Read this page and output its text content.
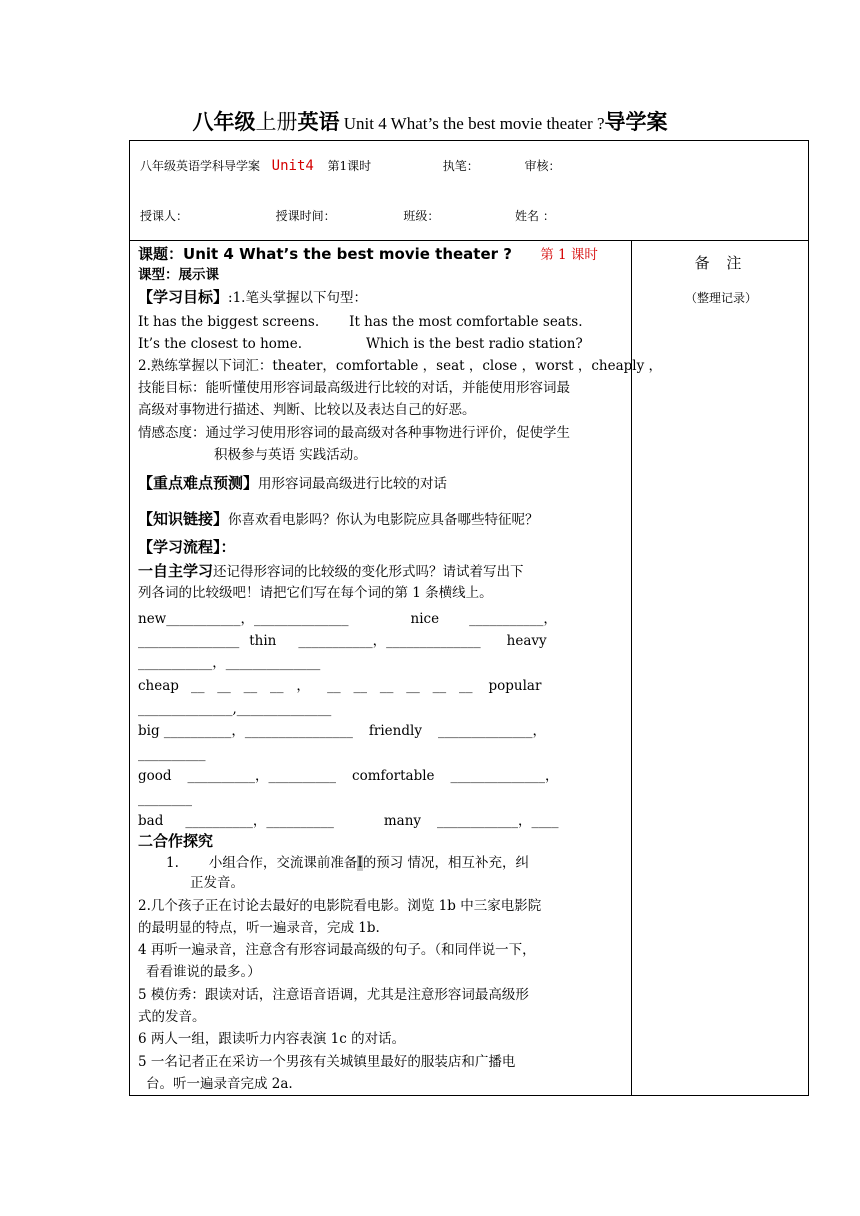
八年级上册英语 Unit 4 What’s the best movie theater ?导学案
八年级英语学科导学案 Unit4 第1课时	执笔：	审核：
授课人：	授课时间：	班级：	姓名 ：
备 注
（整理记录）
课题：Unit 4 What’s the best movie theater ? 第 1 课时
课型：展示课
【学习目标】:1.笔头掌握以下句型：
It has the biggest screens. It has the most comfortable seats.
It’s the closest to home.	Which is the best radio station?
2.熟练掌握以下词汇：theater，comfortable ，seat ，close ，worst ，cheaply ，
技能目标：能听懂使用形容词最高级进行比较的对话，并能使用形容词最
高级对事物进行描述、判断、比较以及表达自己的好恶。
情感态度：通过学习使用形容词的最高级对各种事物进行评价，促使学生
积极参与英语 实践活动。
【重点难点预测】用形容词最高级进行比较的对话
【知识链接】你喜欢看电影吗？你认为电影院应具备哪些特征呢？
【学习流程】：
一自主学习还记得形容词的比较级的变化形式吗？请试着写出下
列各词的比较级吧！请把它们写在每个词的第 1 条横线上。
new___________，______________	nice ___________，
_______________ thin ___________，______________ heavy
___________，______________
cheap __   __   __   __   ，    __   __   __   __   __   __ popular
______________,______________
big __________，________________ friendly ______________，
__________
good __________，__________ comfortable ______________，
________
bad __________，__________	many ____________，____
二合作探究
1. 小组合作，交流课前准备I的预习 情况，相互补充，纠
正发音。
2.几个孩子正在讨论去最好的电影院看电影。浏览 1b 中三家电影院
的最明显的特点，听一遍录音，完成 1b.
4 再听一遍录音，注意含有形容词最高级的句子。（和同伴说一下，
看看谁说的最多。）
5 模仿秀：跟读对话，注意语音语调，尤其是注意形容词最高级形
式的发音。
6 两人一组，跟读听力内容表演 1c 的对话。
5 一名记者正在采访一个男孩有关城镇里最好的服装店和广播电
台。听一遍录音完成 2a.
